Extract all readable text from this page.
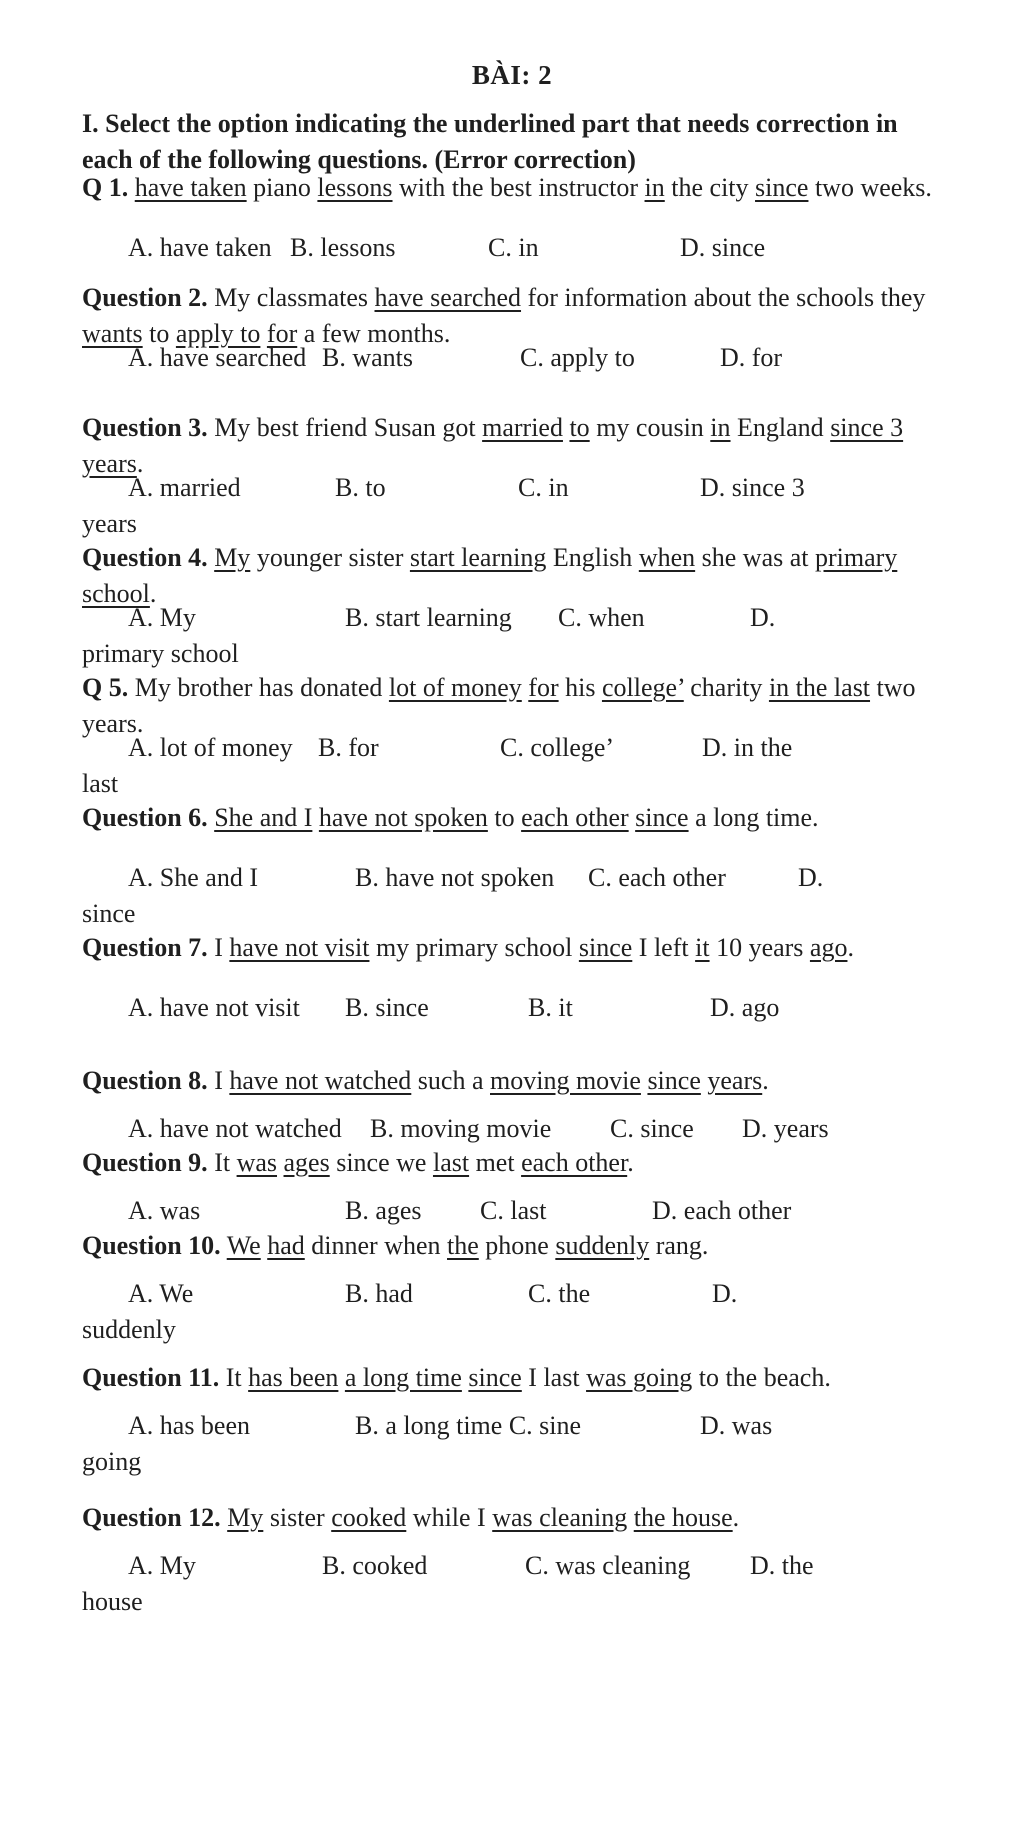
BÀI: 2
I. Select the option indicating the underlined part that needs correction in each of the following questions. (Error correction)
Q 1. have taken piano lessons with the best instructor in the city since two weeks.
A. have taken B. lessons	C. in	D. since
Question 2. My classmates have searched for information about the schools they wants to apply to for a few months.
A. have searched B. wants	C. apply to	D. for
Question 3. My best friend Susan got married to my cousin in England since 3 years.
A. married	B. to	C. in	D. since 3
years
Question 4. My younger sister start learning English when she was at primary school.
A. My	B. start learning C. when	D.
primary school
Q 5. My brother has donated lot of money for his college’ charity in the last two years.
A. lot of money B. for	C. college’	D. in the
last
Question 6. She and I have not spoken to each other since a long time.
A. She and I	B. have not spoken C. each other	D.
since
Question 7. I have not visit my primary school since I left it 10 years ago.
A. have not visit B. since	B. it	D. ago
Question 8. I have not watched such a moving movie since years.
A. have not watched B. moving movie C. since D. years
Question 9. It was ages since we last met each other.
A. was	B. ages C. last	D. each other
Question 10. We had dinner when the phone suddenly rang.
A. We	B. had	C. the	D.
suddenly
Question 11. It has been a long time since I last was going to the beach.
A. has been	B. a long time C. sine	D. was
going
Question 12. My sister cooked while I was cleaning the house.
A. My	B. cooked	C. was cleaning D. the
house
